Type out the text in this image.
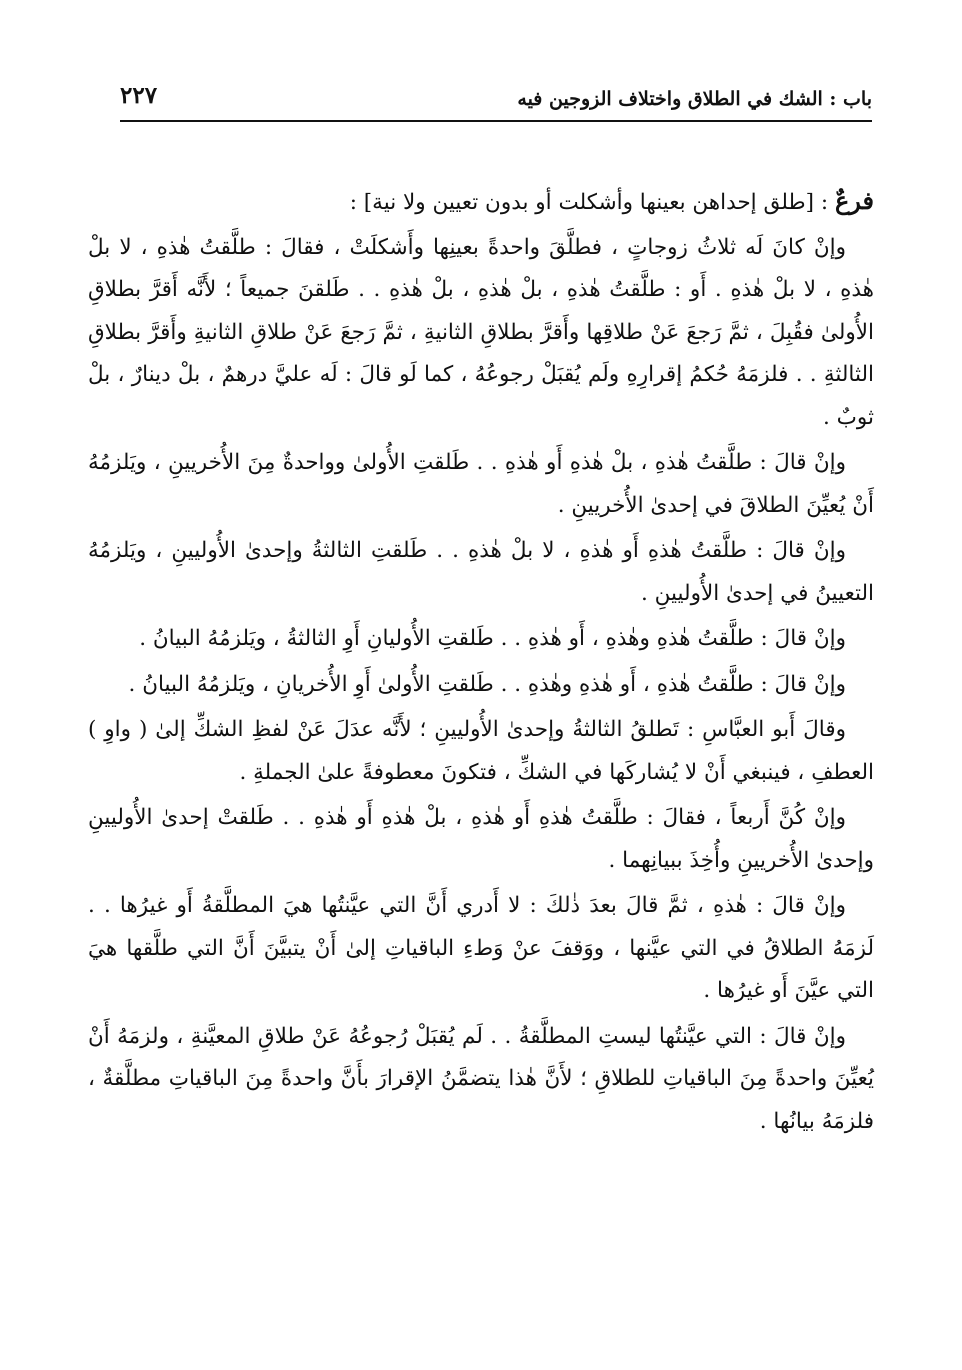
باب : الشك في الطلاق واختلاف الزوجين فيه
٢٢٧

فرعٌ : [طلق إحداهن بعينها وأشكلت أو بدون تعيين ولا نية] :

وإنْ كانَ لَه ثلاثُ زوجاتٍ ، فطلَّقَ واحدةً بعينِها وأَشكلَتْ ، فقالَ : طلَّقتُ هٰذهِ ، لا بلْ هٰذهِ ، لا بلْ هٰذهِ . أَو : طلَّقتُ هٰذهِ ، بلْ هٰذهِ ، بلْ هٰذهِ . . طَلقنَ جميعاً ؛ لأَنَّه أَقرَّ بطلاقِ الأُولىٰ فقُبِلَ ، ثمَّ رَجعَ عَنْ طلاقِها وأَقرَّ بطلاقِ الثانيةِ ، ثمَّ رَجعَ عَنْ طلاقِ الثانيةِ وأَقرَّ بطلاقِ الثالثةِ . . فلزمَهُ حُكمُ إقرارِهِ ولَم يُقبَلْ رجوعُهُ ، كما لَو قالَ : لَه عليَّ درهمٌ ، بلْ دينارٌ ، بلْ ثوبٌ .

وإنْ قالَ : طلَّقتُ هٰذهِ ، بلْ هٰذهِ أَو هٰذهِ . . طَلقتِ الأُولىٰ وواحدةٌ مِنَ الأُخريينِ ، ويَلزمُهُ أَنْ يُعيِّنَ الطلاقَ في إحدىٰ الأُخريينِ .

وإنْ قالَ : طلَّقتُ هٰذهِ أَو هٰذهِ ، لا بلْ هٰذهِ . . طَلقتِ الثالثةُ وإحدىٰ الأُوليينِ ، ويَلزمُهُ التعيينُ في إحدىٰ الأُوليينِ .

وإنْ قالَ : طلَّقتُ هٰذهِ وهٰذهِ ، أَو هٰذهِ . . طَلقتِ الأُوليانِ أَوِ الثالثةُ ، ويَلزمُهُ البيانُ .

وإنْ قالَ : طلَّقتُ هٰذهِ ، أَو هٰذهِ وهٰذهِ . . طَلقتِ الأُولىٰ أَوِ الأُخريانِ ، ويَلزمُهُ البيانُ .

وقالَ أَبو العبَّاسِ : تَطلقُ الثالثةُ وإحدىٰ الأُوليينِ ؛ لأَنَّه عدَلَ عَنْ لفظِ الشكِّ إلىٰ ( واوِ ) العطفِ ، فينبغي أَنْ لا يُشاركَها في الشكِّ ، فتكونَ معطوفةً علىٰ الجملةِ .

وإنْ كُنَّ أَربعاً ، فقالَ : طلَّقتُ هٰذهِ أَو هٰذهِ ، بلْ هٰذهِ أَو هٰذهِ . . طَلقتْ إحدىٰ الأُوليينِ وإحدىٰ الأُخريينِ وأُخِذَ ببيانِهما .

وإنْ قالَ : هٰذهِ ، ثمَّ قالَ بعدَ ذٰلكَ : لا أَدري أَنَّ التي عيَّنتُها هيَ المطلَّقةُ أَو غيرُها . . لَزمَهُ الطلاقُ في التي عيَّنها ، ووَقفَ عنْ وَطءِ الباقياتِ إلىٰ أَنْ يتبيَّنَ أَنَّ التي طلَّقها هيَ التي عيَّنَ أَو غيرُها .

وإنْ قالَ : التي عيَّنتُها ليستِ المطلَّقةُ . . لَم يُقبَلْ رُجوعُهُ عَنْ طلاقِ المعيَّنةِ ، ولزمَهُ أَنْ يُعيِّنَ واحدةً مِنَ الباقياتِ للطلاقِ ؛ لأَنَّ هٰذا يتضمَّنُ الإقرارَ بأَنَّ واحدةً مِنَ الباقياتِ مطلَّقةٌ ، فلزمَهُ بيانُها .
